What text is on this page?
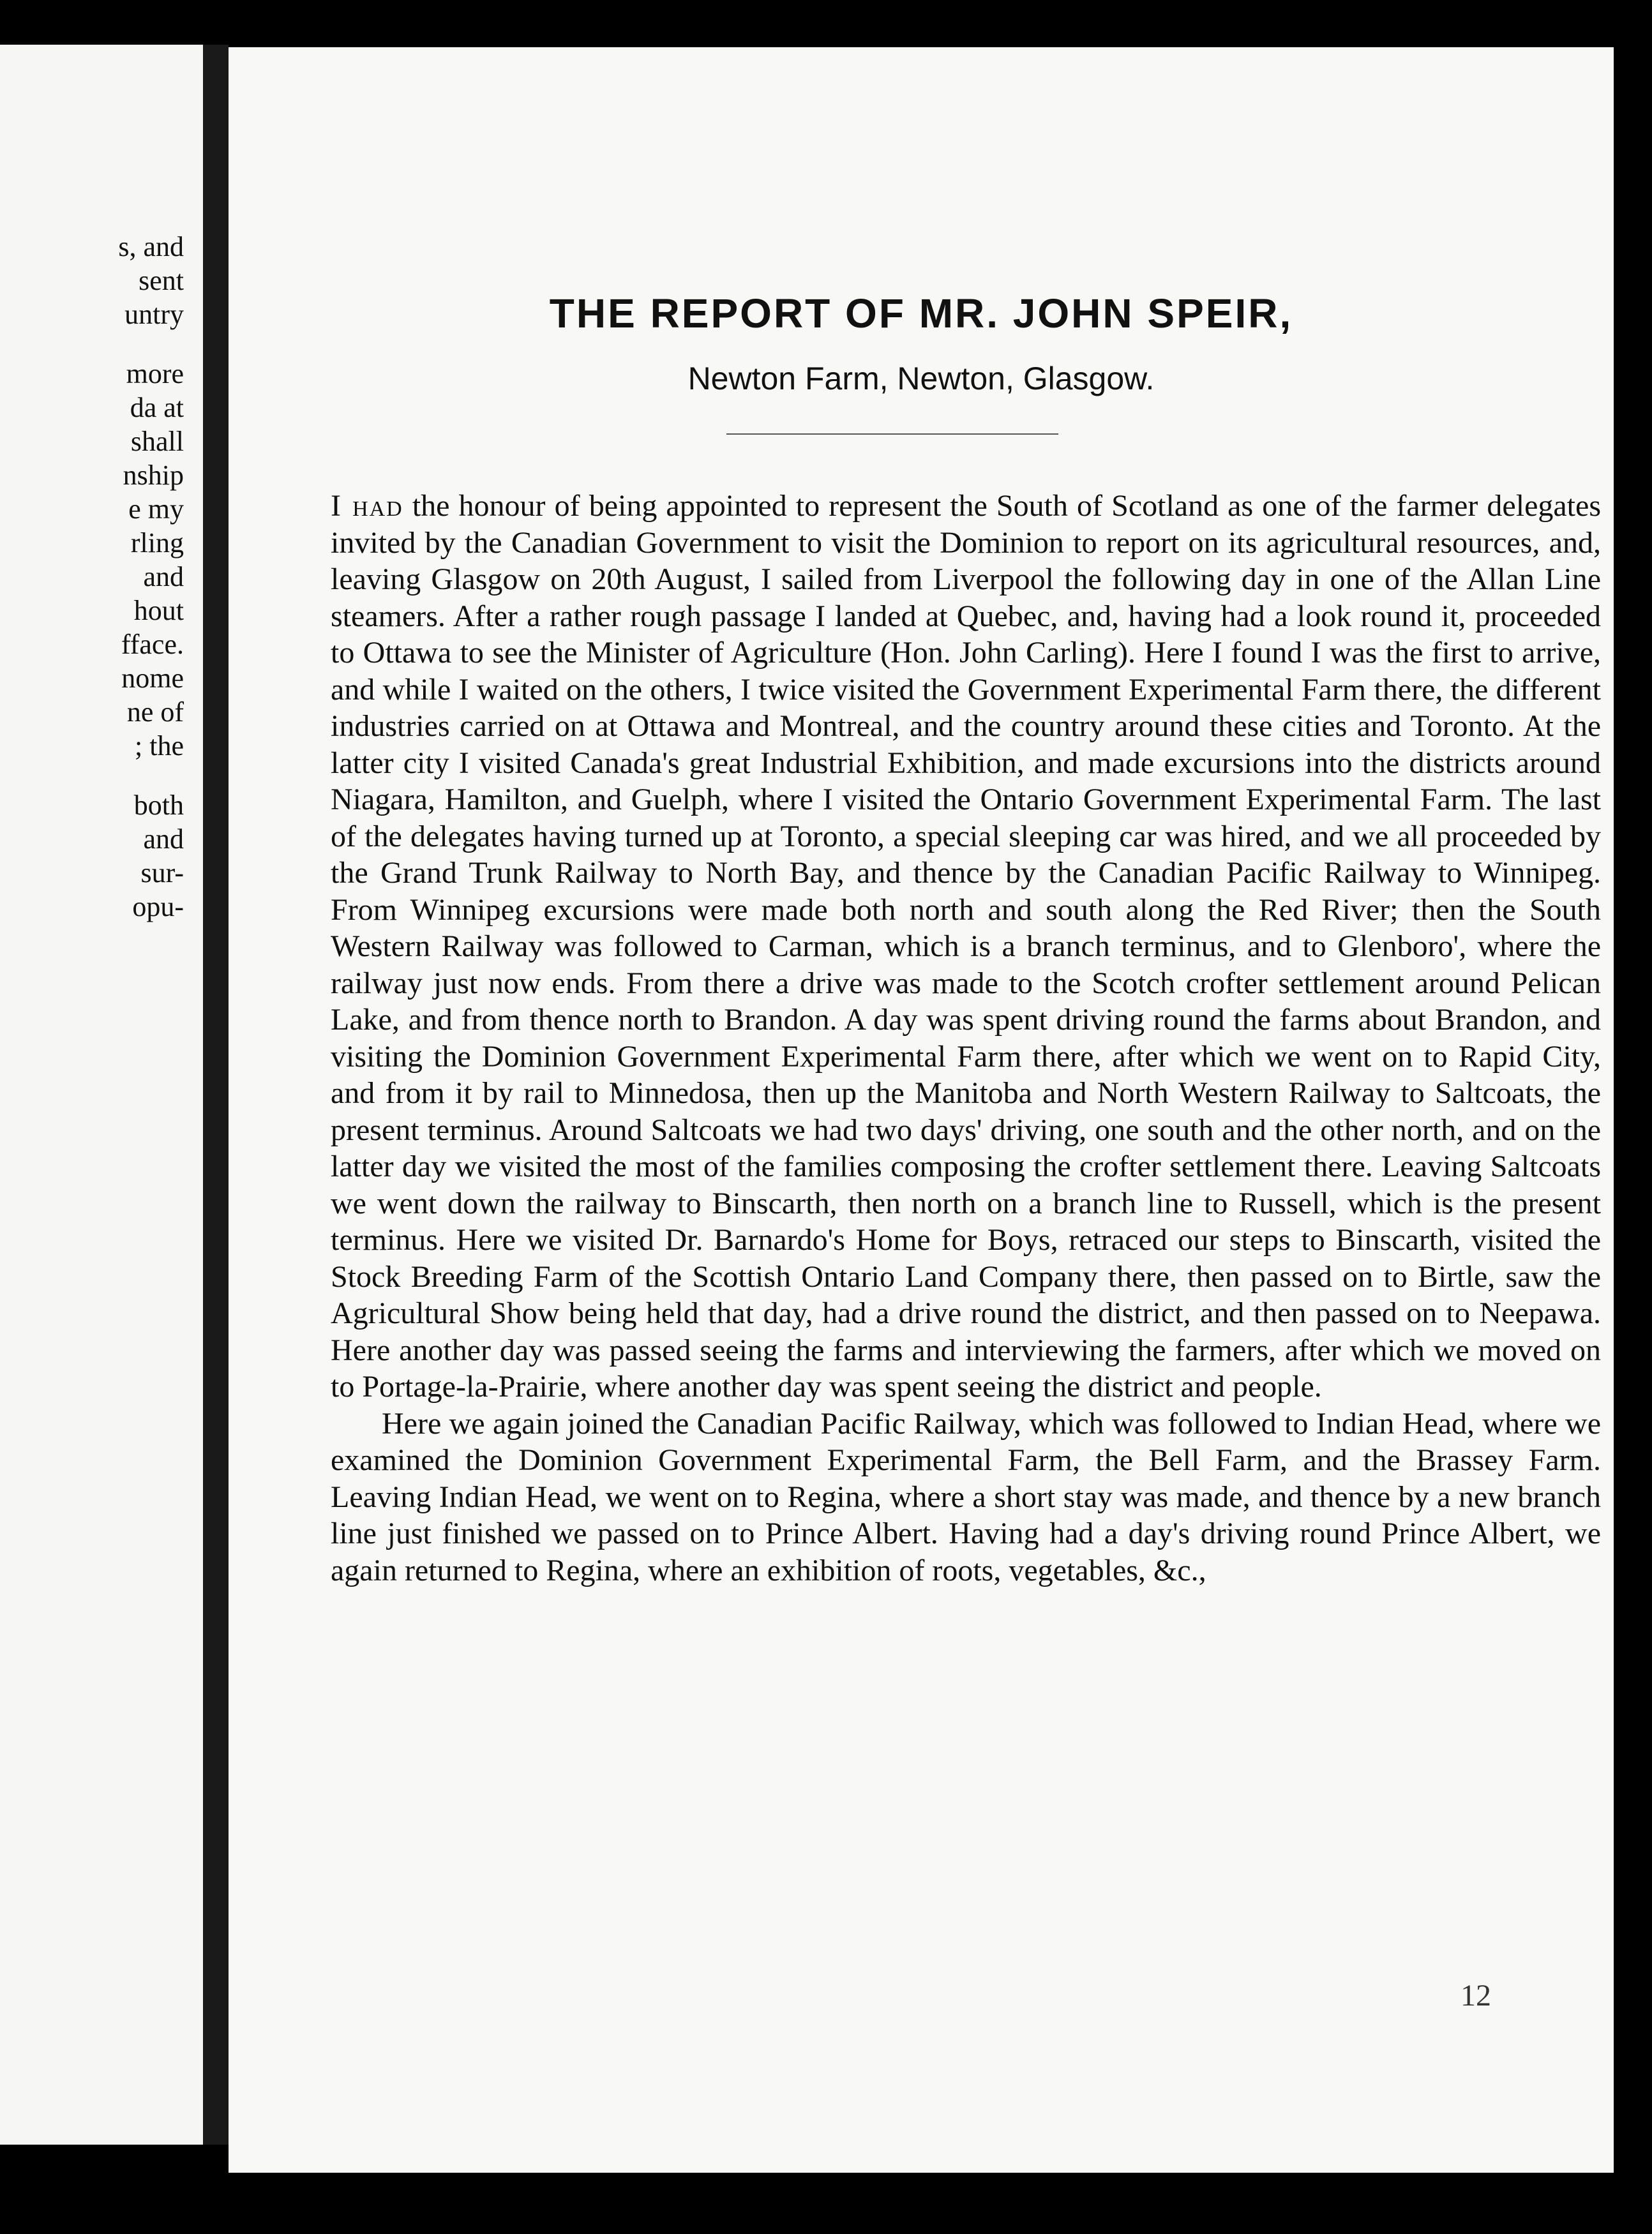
s, and
sent
untry
more
da at
shall
nship
e my
rling
and
hout
fface.
nome
ne of
; the
both
and
sur-
opu-
THE REPORT OF MR. JOHN SPEIR,
Newton Farm, Newton, Glasgow.

I had the honour of being appointed to represent the South of Scotland as one of the farmer delegates invited by the Canadian Government to visit the Dominion to report on its agricultural resources, and, leaving Glasgow on 20th August, I sailed from Liverpool the following day in one of the Allan Line steamers. After a rather rough passage I landed at Quebec, and, having had a look round it, proceeded to Ottawa to see the Minister of Agriculture (Hon. John Carling). Here I found I was the first to arrive, and while I waited on the others, I twice visited the Government Experimental Farm there, the different industries carried on at Ottawa and Montreal, and the country around these cities and Toronto. At the latter city I visited Canada's great Industrial Exhibition, and made excursions into the districts around Niagara, Hamilton, and Guelph, where I visited the Ontario Government Experimental Farm. The last of the delegates having turned up at Toronto, a special sleeping car was hired, and we all proceeded by the Grand Trunk Railway to North Bay, and thence by the Canadian Pacific Railway to Winnipeg. From Winnipeg excursions were made both north and south along the Red River; then the South Western Railway was followed to Carman, which is a branch terminus, and to Glenboro', where the railway just now ends. From there a drive was made to the Scotch crofter settlement around Pelican Lake, and from thence north to Brandon. A day was spent driving round the farms about Brandon, and visiting the Dominion Government Experimental Farm there, after which we went on to Rapid City, and from it by rail to Minnedosa, then up the Manitoba and North Western Railway to Saltcoats, the present terminus. Around Saltcoats we had two days' driving, one south and the other north, and on the latter day we visited the most of the families composing the crofter settlement there. Leaving Saltcoats we went down the railway to Binscarth, then north on a branch line to Russell, which is the present terminus. Here we visited Dr. Barnardo's Home for Boys, retraced our steps to Binscarth, visited the Stock Breeding Farm of the Scottish Ontario Land Company there, then passed on to Birtle, saw the Agricultural Show being held that day, had a drive round the district, and then passed on to Neepawa. Here another day was passed seeing the farms and interviewing the farmers, after which we moved on to Portage-la-Prairie, where another day was spent seeing the district and people.

Here we again joined the Canadian Pacific Railway, which was followed to Indian Head, where we examined the Dominion Government Experimental Farm, the Bell Farm, and the Brassey Farm. Leaving Indian Head, we went on to Regina, where a short stay was made, and thence by a new branch line just finished we passed on to Prince Albert. Having had a day's driving round Prince Albert, we again returned to Regina, where an exhibition of roots, vegetables, &c.,

12
